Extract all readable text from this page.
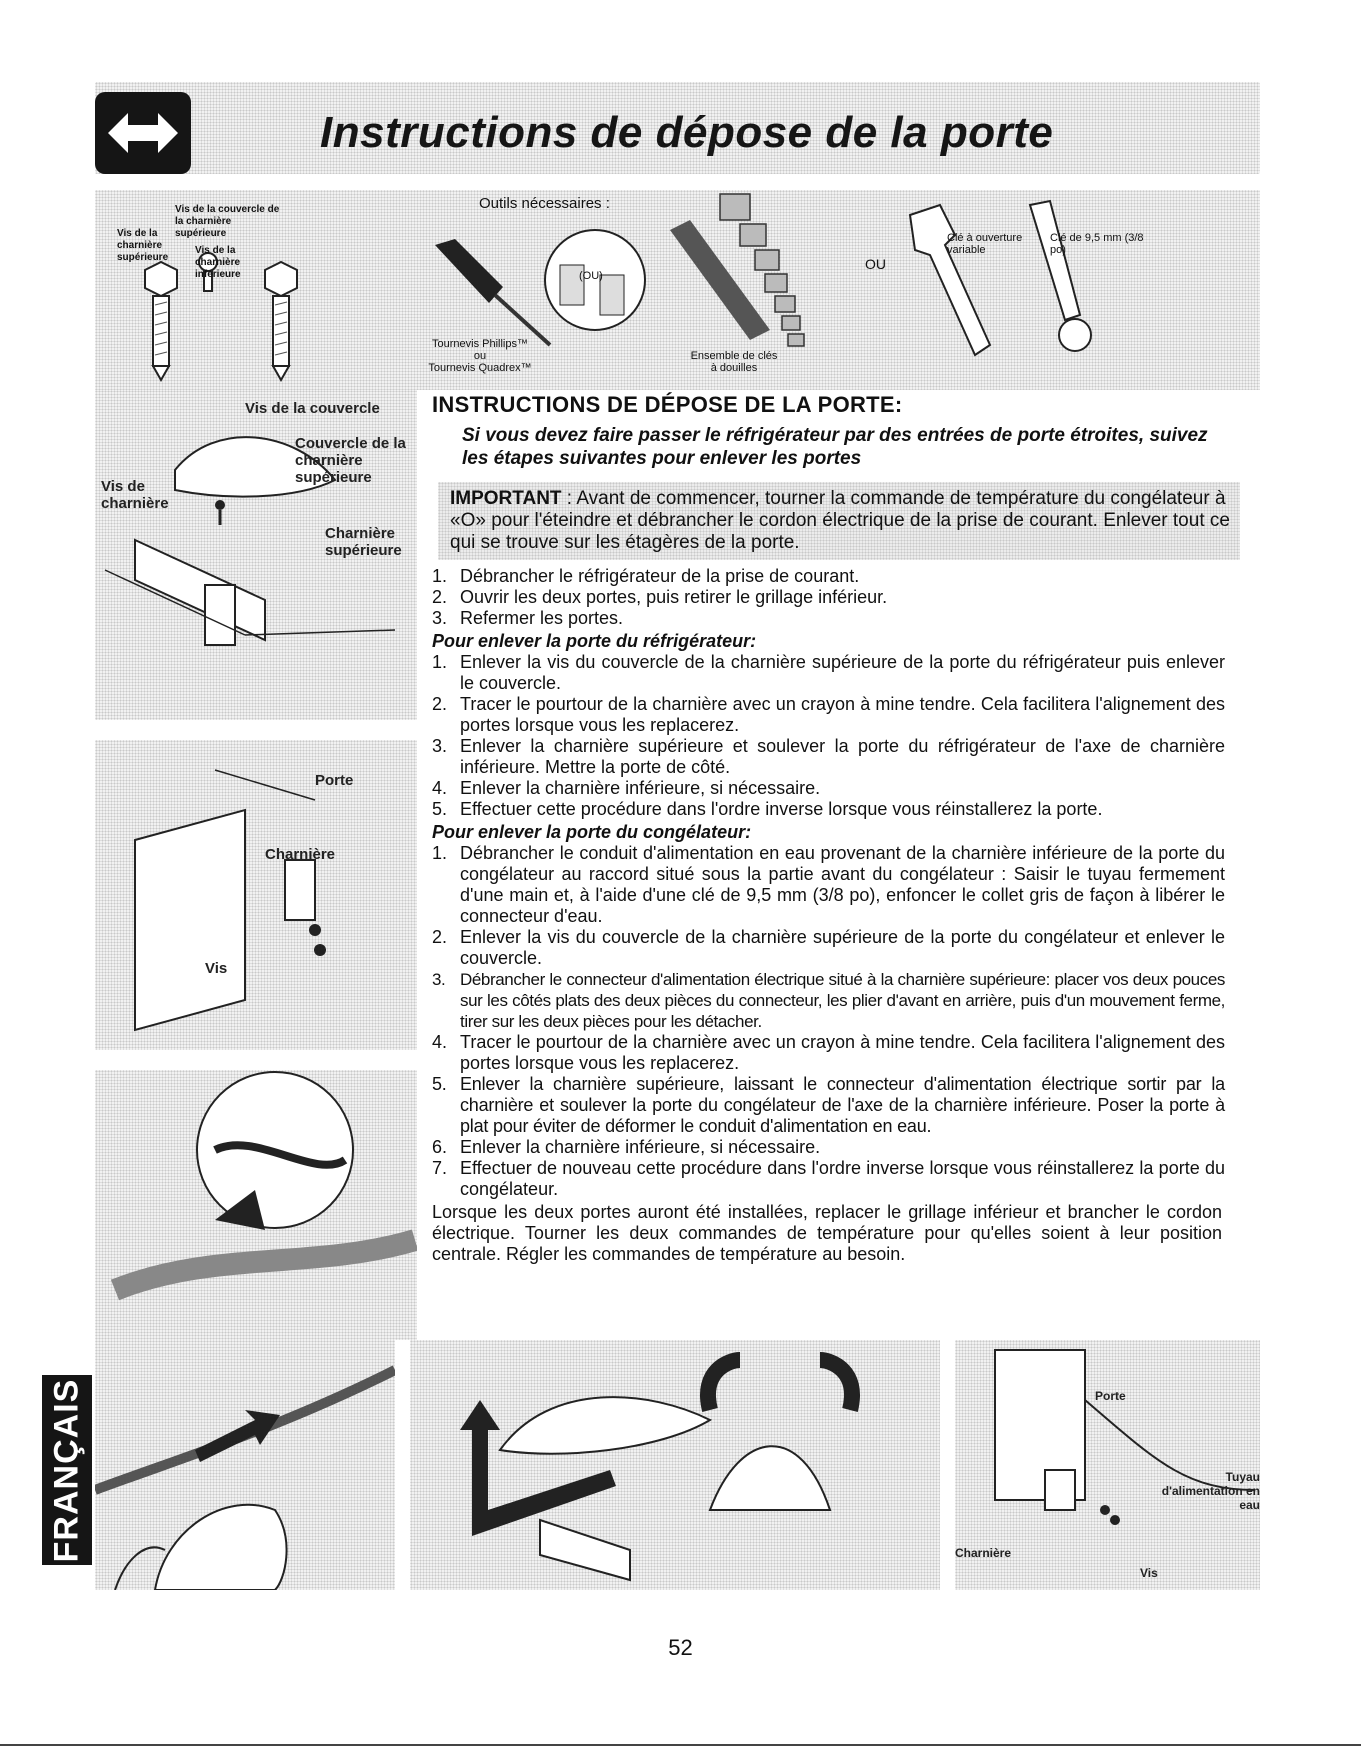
Instructions de dépose de la porte
Vis de la charnière supérieure
Vis de la couvercle de la charnière supérieure
Vis de la charnière inférieure
Outils nécessaires :
(OU)
Tournevis Phillips™
ou
Tournevis Quadrex™
Ensemble de clés à douilles
OU
Clé à ouverture variable
Clé de 9,5 mm (3/8 po)
Vis de la couvercle
Couvercle de la charnière supérieure
Vis de charnière
Charnière supérieure
Porte
Charnière
Vis
INSTRUCTIONS DE DÉPOSE DE LA PORTE:
Si vous devez faire passer le réfrigérateur par des entrées de porte étroites, suivez les étapes suivantes pour enlever les portes
IMPORTANT : Avant de commencer, tourner la commande de température du congélateur à «O» pour l'éteindre et débrancher le cordon électrique de la prise de courant. Enlever tout ce qui se trouve sur les étagères de la porte.
1. Débrancher le réfrigérateur de la prise de courant.
2. Ouvrir les deux portes, puis retirer le grillage inférieur.
3. Refermer les portes.
Pour enlever la porte du réfrigérateur:
1. Enlever la vis du couvercle de la charnière supérieure de la porte du réfrigérateur puis enlever le couvercle.
2. Tracer le pourtour de la charnière avec un crayon à mine tendre. Cela facilitera l'alignement des portes lorsque vous les replacerez.
3. Enlever la charnière supérieure et soulever la porte du réfrigérateur de l'axe de charnière inférieure. Mettre la porte de côté.
4. Enlever la charnière inférieure, si nécessaire.
5. Effectuer cette procédure dans l'ordre inverse lorsque vous réinstallerez la porte.
Pour enlever la porte du congélateur:
1. Débrancher le conduit d'alimentation en eau provenant de la charnière inférieure de la porte du congélateur au raccord situé sous la partie avant du congélateur : Saisir le tuyau fermement d'une main et, à l'aide d'une clé de 9,5 mm (3/8 po), enfoncer le collet gris de façon à libérer le connecteur d'eau.
2. Enlever la vis du couvercle de la charnière supérieure de la porte du congélateur et enlever le couvercle.
3. Débrancher le connecteur d'alimentation électrique situé à la charnière supérieure: placer vos deux pouces sur les côtés plats des deux pièces du connecteur, les plier d'avant en arrière, puis d'un mouvement ferme, tirer sur les deux pièces pour les détacher.
4. Tracer le pourtour de la charnière avec un crayon à mine tendre. Cela facilitera l'alignement des portes lorsque vous les replacerez.
5. Enlever la charnière supérieure, laissant le connecteur d'alimentation électrique sortir par la charnière et soulever la porte du congélateur de l'axe de la charnière inférieure. Poser la porte à plat pour éviter de déformer le conduit d'alimentation en eau.
6. Enlever la charnière inférieure, si nécessaire.
7. Effectuer de nouveau cette procédure dans l'ordre inverse lorsque vous réinstallerez la porte du congélateur.
Lorsque les deux portes auront été installées, replacer le grillage inférieur et brancher le cordon électrique. Tourner les deux commandes de température pour qu'elles soient à leur position centrale. Régler les commandes de température au besoin.
Porte
Tuyau d'alimentation en eau
Charnière
Vis
FRANÇAIS
52
